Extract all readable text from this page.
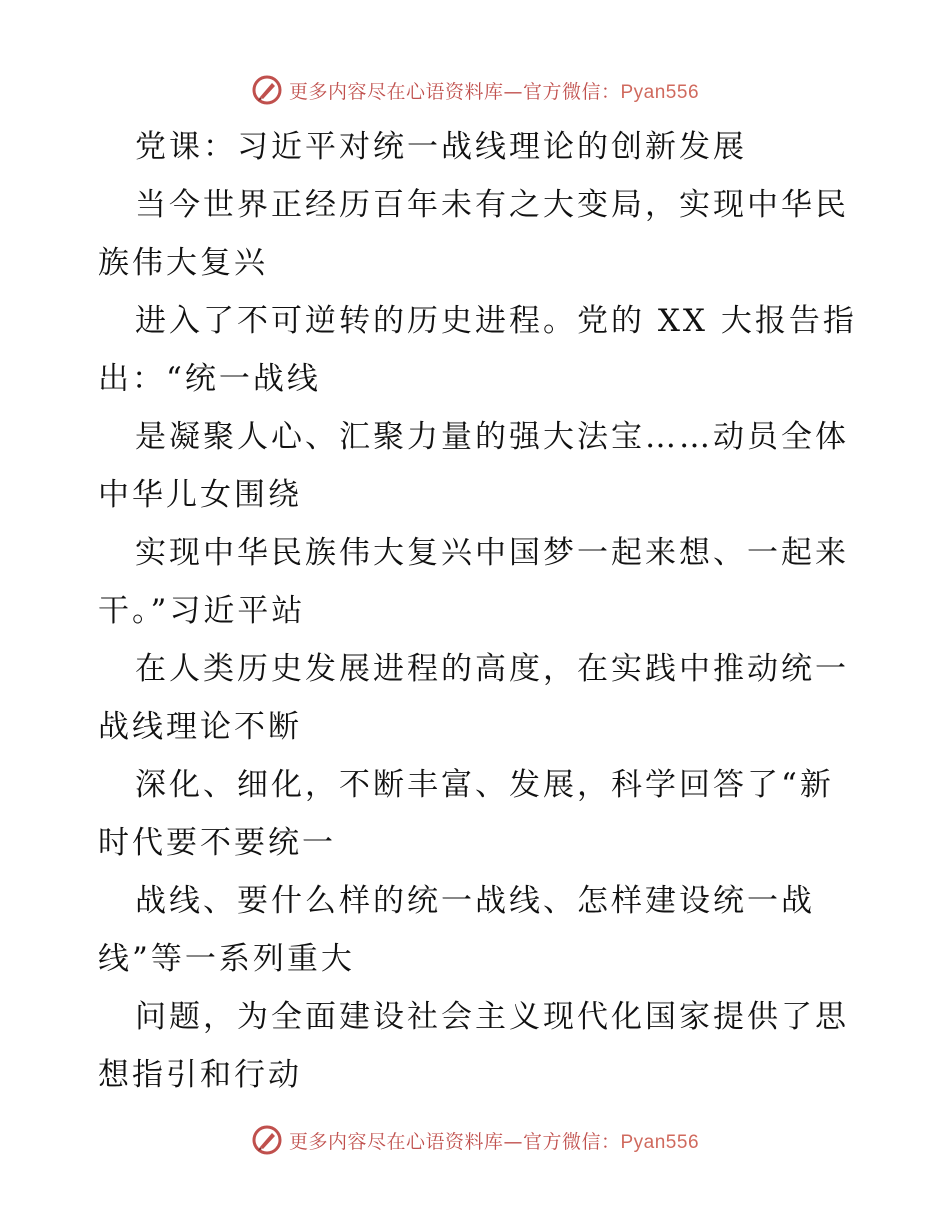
更多内容尽在心语资料库—官方微信：Pyan556
党课：习近平对统一战线理论的创新发展
当今世界正经历百年未有之大变局，实现中华民
族伟大复兴
进入了不可逆转的历史进程。党的 XX 大报告指
出：“统一战线
是凝聚人心、汇聚力量的强大法宝……动员全体
中华儿女围绕
实现中华民族伟大复兴中国梦一起来想、一起来
干。”习近平站
在人类历史发展进程的高度，在实践中推动统一
战线理论不断
深化、细化，不断丰富、发展，科学回答了“新
时代要不要统一
战线、要什么样的统一战线、怎样建设统一战
线”等一系列重大
问题，为全面建设社会主义现代化国家提供了思
想指引和行动
更多内容尽在心语资料库—官方微信：Pyan556
